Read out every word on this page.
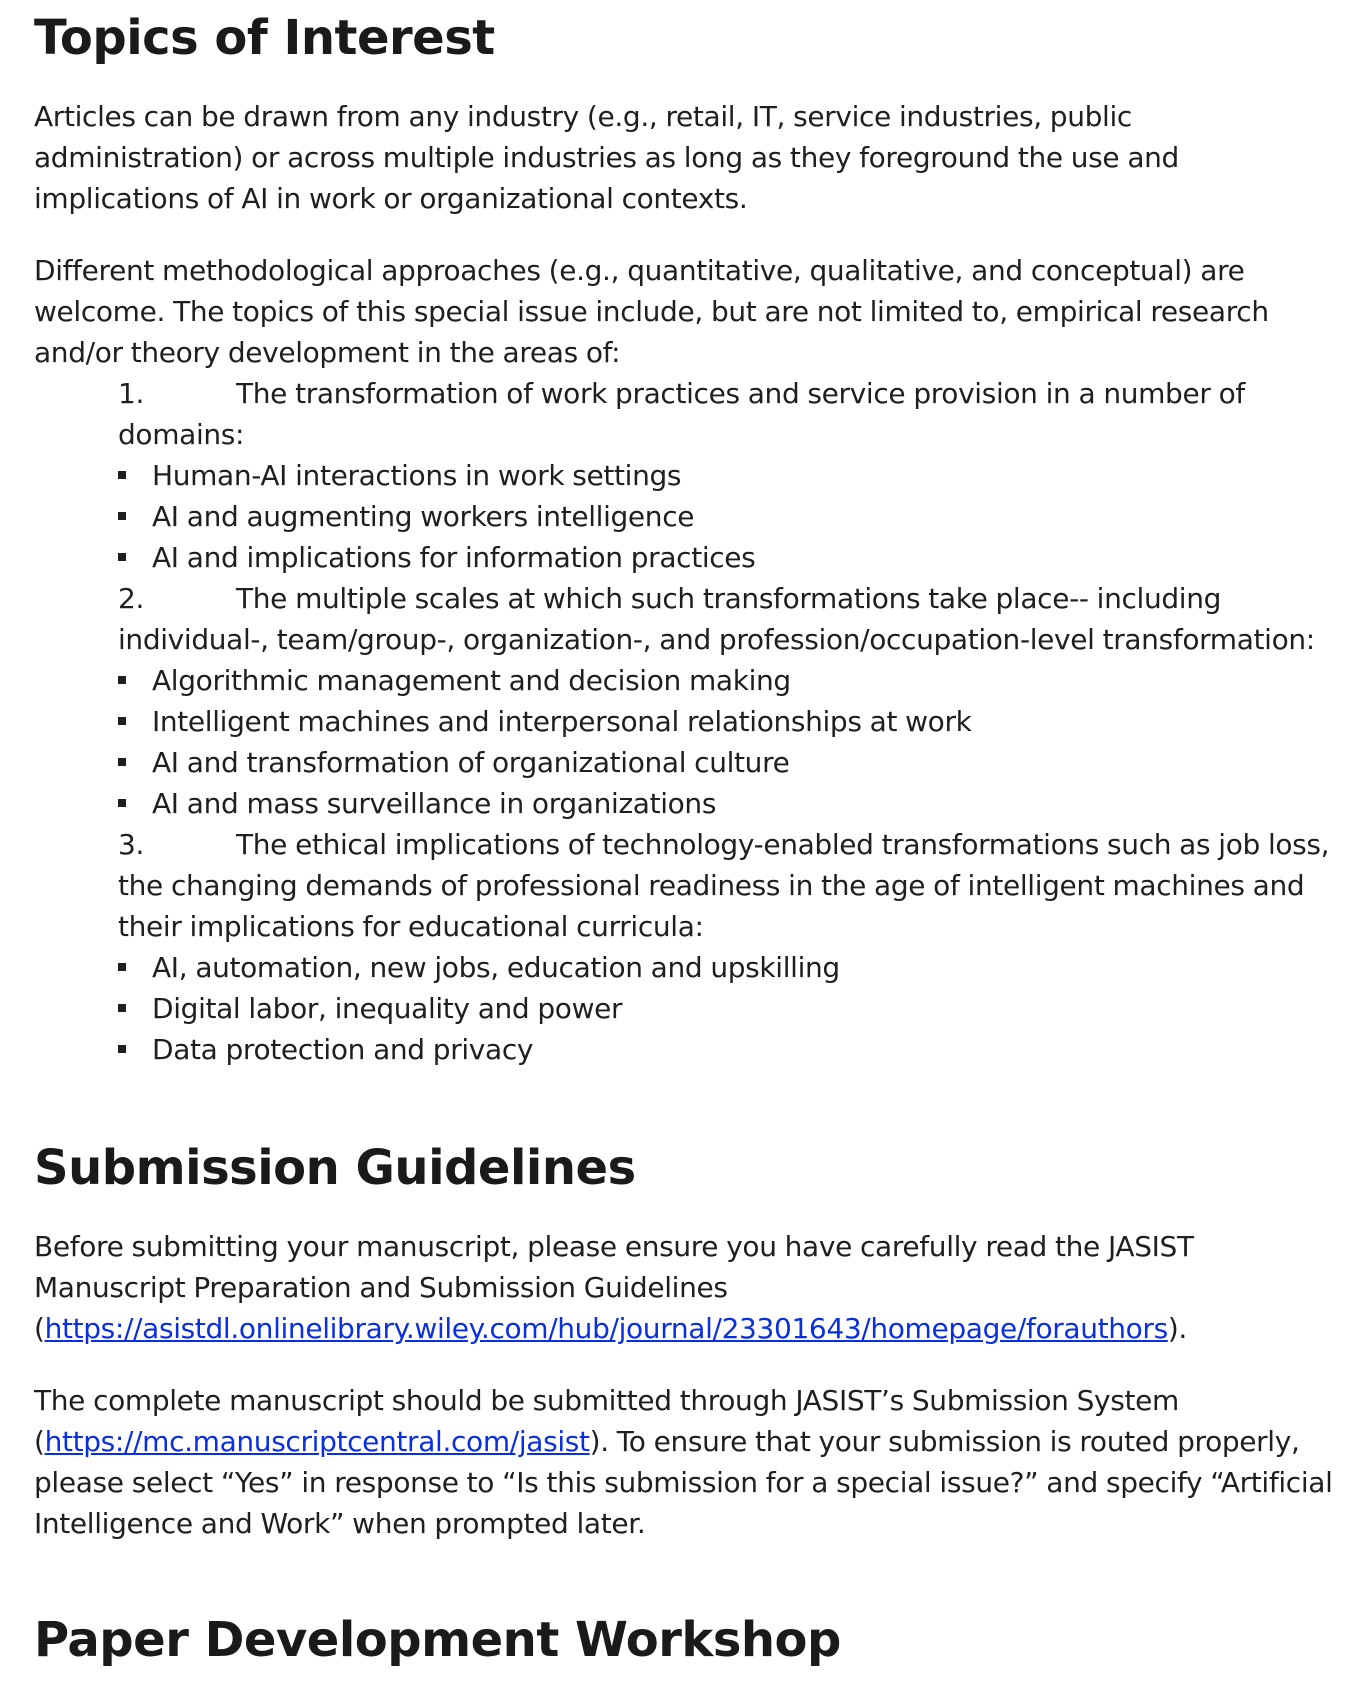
Topics of Interest

Articles can be drawn from any industry (e.g., retail, IT, service industries, public administration) or across multiple industries as long as they foreground the use and implications of AI in work or organizational contexts.

Different methodological approaches (e.g., quantitative, qualitative, and conceptual) are welcome. The topics of this special issue include, but are not limited to, empirical research and/or theory development in the areas of:

1.	The transformation of work practices and service provision in a number of domains:
Human-AI interactions in work settings
AI and augmenting workers intelligence
AI and implications for information practices
2.	The multiple scales at which such transformations take place-- including individual-, team/group-, organization-, and profession/occupation-level transformation:
Algorithmic management and decision making
Intelligent machines and interpersonal relationships at work
AI and transformation of organizational culture
AI and mass surveillance in organizations
3.	The ethical implications of technology-enabled transformations such as job loss, the changing demands of professional readiness in the age of intelligent machines and their implications for educational curricula:
AI, automation, new jobs, education and upskilling
Digital labor, inequality and power
Data protection and privacy
Submission Guidelines

Before submitting your manuscript, please ensure you have carefully read the JASIST Manuscript Preparation and Submission Guidelines (https://asistdl.onlinelibrary.wiley.com/hub/journal/23301643/homepage/forauthors).

The complete manuscript should be submitted through JASIST’s Submission System (https://mc.manuscriptcentral.com/jasist). To ensure that your submission is routed properly, please select “Yes” in response to “Is this submission for a special issue?” and specify “Artificial Intelligence and Work” when prompted later.

Paper Development Workshop
